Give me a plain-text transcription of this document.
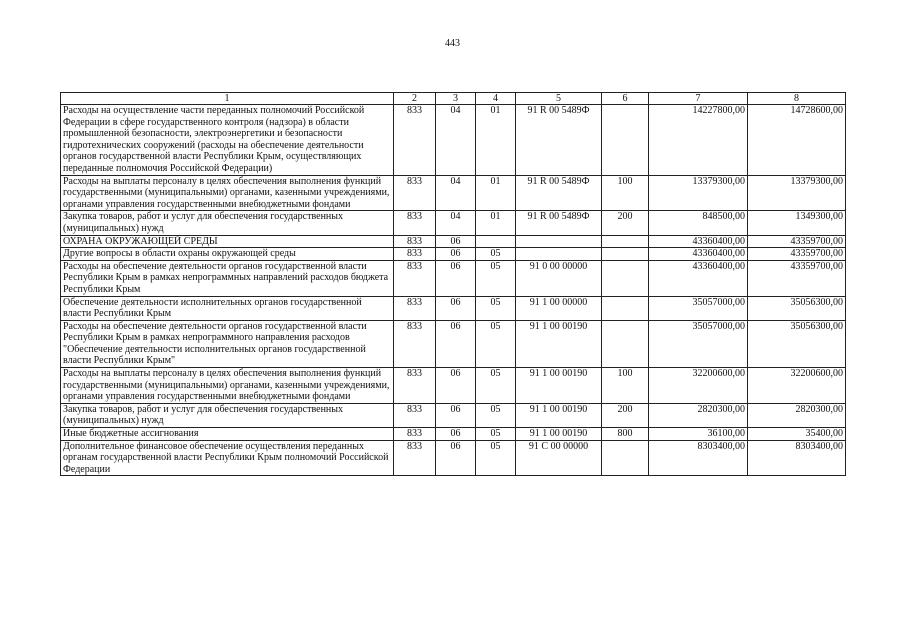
443
1	2	3	4	5	6	7	8
Расходы на осуществление части переданных полномочий Российской Федерации в сфере государственного контроля (надзора) в области промышленной безопасности, электроэнергетики и безопасности гидротехнических сооружений (расходы на обеспечение деятельности органов государственной власти Республики Крым, осуществляющих переданные полномочия Российской Федерации)	833	04	01	91 R 00 5489Ф		14227800,00	14728600,00
Расходы на выплаты персоналу в целях обеспечения выполнения функций государственными (муниципальными) органами, казенными учреждениями, органами управления государственными внебюджетными фондами	833	04	01	91 R 00 5489Ф	100	13379300,00	13379300,00
Закупка товаров, работ и услуг для обеспечения государственных (муниципальных) нужд	833	04	01	91 R 00 5489Ф	200	848500,00	1349300,00
ОХРАНА ОКРУЖАЮЩЕЙ СРЕДЫ	833	06				43360400,00	43359700,00
Другие вопросы в области охраны окружающей среды	833	06	05			43360400,00	43359700,00
Расходы на обеспечение деятельности органов государственной власти Республики Крым в рамках непрограммных направлений расходов бюджета Республики Крым	833	06	05	91 0 00 00000		43360400,00	43359700,00
Обеспечение деятельности исполнительных органов государственной власти Республики Крым	833	06	05	91 1 00 00000		35057000,00	35056300,00
Расходы на обеспечение деятельности органов государственной власти Республики Крым в рамках непрограммного направления расходов "Обеспечение деятельности исполнительных органов государственной власти Республики Крым"	833	06	05	91 1 00 00190		35057000,00	35056300,00
Расходы на выплаты персоналу в целях обеспечения выполнения функций государственными (муниципальными) органами, казенными учреждениями, органами управления государственными внебюджетными фондами	833	06	05	91 1 00 00190	100	32200600,00	32200600,00
Закупка товаров, работ и услуг для обеспечения государственных (муниципальных) нужд	833	06	05	91 1 00 00190	200	2820300,00	2820300,00
Иные бюджетные ассигнования	833	06	05	91 1 00 00190	800	36100,00	35400,00
Дополнительное финансовое обеспечение осуществления переданных органам государственной власти Республики Крым полномочий Российской Федерации	833	06	05	91 С 00 00000		8303400,00	8303400,00
